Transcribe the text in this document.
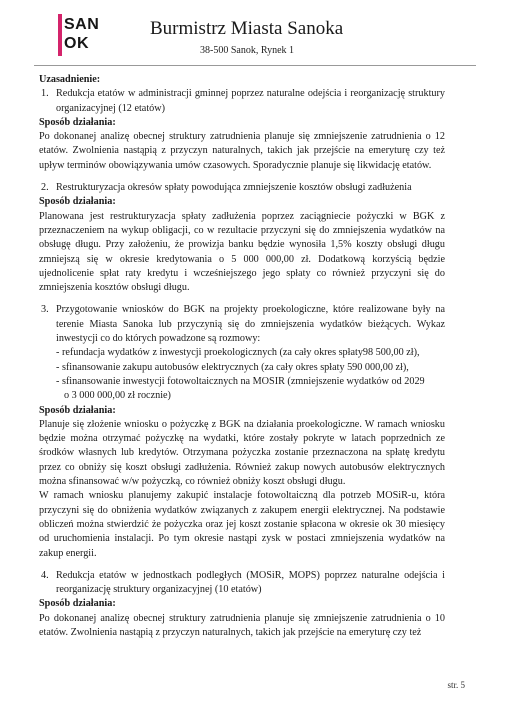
SAN
OK
Burmistrz Miasta Sanoka
38-500 Sanok, Rynek 1

Uzasadnienie:

1. Redukcja etatów w administracji gminnej poprzez naturalne odejścia i reorganizację struktury organizacyjnej (12 etatów)

Sposób działania:

Po dokonanej analizę obecnej struktury zatrudnienia planuje się zmniejszenie zatrudnienia o 12 etatów. Zwolnienia nastąpią z przyczyn naturalnych, takich jak przejście na emeryturę czy też upływ terminów obowiązywania umów czasowych. Sporadycznie planuje się likwidację etatów.

2. Restrukturyzacja okresów spłaty powodująca zmniejszenie kosztów obsługi zadłużenia

Sposób działania:

Planowana jest restrukturyzacja spłaty zadłużenia poprzez zaciągniecie pożyczki w BGK z przeznaczeniem na wykup obligacji, co w rezultacie przyczyni się do zmniejszenia wydatków na obsługę długu. Przy założeniu, że prowizja banku będzie wynosiła 1,5% koszty obsługi długu zmniejszą się w okresie kredytowania o 5 000 000,00 zł. Dodatkową korzyścią będzie ujednolicenie spłat raty kredytu i wcześniejszego jego spłaty co również przyczyni się do zmniejszenia kosztów obsługi długu.

3. Przygotowanie wniosków do BGK na projekty proekologiczne, które realizowane były na terenie Miasta Sanoka lub przyczynią się do zmniejszenia wydatków bieżących. Wykaz inwestycji co do których powadzone są rozmowy:

- refundacja wydatków z inwestycji proekologicznych (za cały okres spłaty98 500,00 zł),

- sfinansowanie zakupu autobusów elektrycznych (za cały okres spłaty 590 000,00 zł),

- sfinansowanie inwestycji fotowoltaicznych na MOSIR (zmniejszenie wydatków od 2029

o 3 000 000,00 zł rocznie)

Sposób działania:

Planuje się złożenie wniosku o pożyczkę z BGK na działania proekologiczne. W ramach wniosku będzie można otrzymać pożyczkę na wydatki, które zostały pokryte w latach poprzednich ze środków własnych lub kredytów. Otrzymana pożyczka zostanie przeznaczona na spłatę kredytu przez co obniży się koszt obsługi zadłużenia. Również zakup nowych autobusów elektrycznych można sfinansować w/w pożyczką, co również obniży koszt obsługi długu.

W ramach wniosku planujemy zakupić instalacje fotowoltaiczną dla potrzeb MOSiR-u, która przyczyni się do obniżenia wydatków związanych z zakupem energii elektrycznej. Na podstawie obliczeń można stwierdzić że pożyczka oraz jej koszt zostanie spłacona w okresie ok 30 miesięcy od uruchomienia instalacji. Po tym okresie nastąpi zysk w postaci zmniejszenia wydatków na zakup energii.

4. Redukcja etatów w jednostkach podległych (MOSiR, MOPS) poprzez naturalne odejścia i reorganizację struktury organizacyjnej (10 etatów)

Sposób działania:

Po dokonanej analizę obecnej struktury zatrudnienia planuje się zmniejszenie zatrudnienia o 10 etatów. Zwolnienia nastąpią z przyczyn naturalnych, takich jak przejście na emeryturę czy też

str. 5
